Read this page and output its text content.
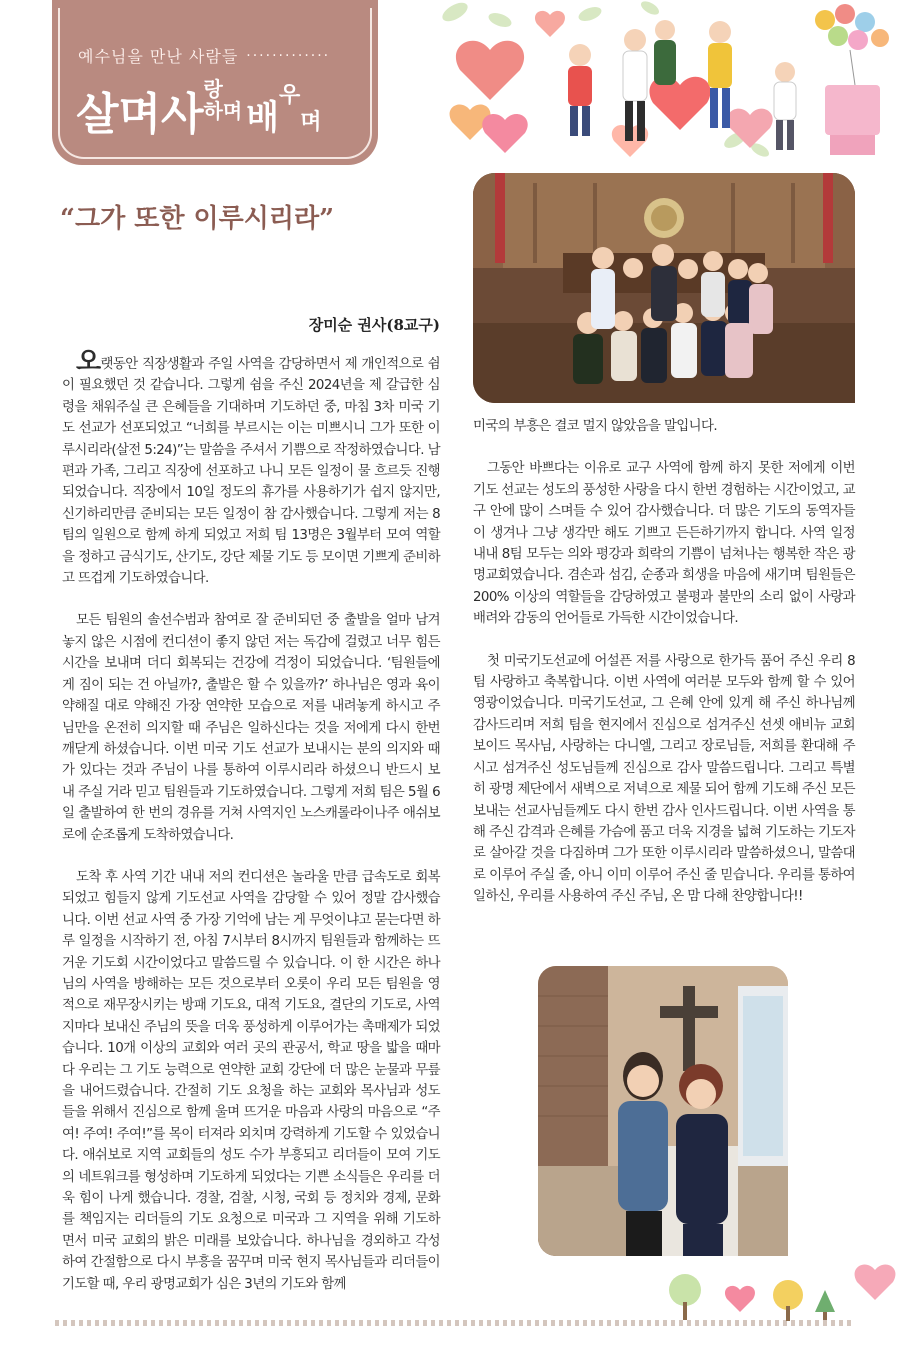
예수님을 만난 사람들 ·············
살며사 랑
하며 배우며
“그가 또한 이루시리라”
장미순 권사(8교구)

오랫동안 직장생활과 주일 사역을 감당하면서 제 개인적으로 쉼이 필요했던 것 같습니다. 그렇게 쉼을 주신 2024년을 제 갈급한 심령을 채워주실 큰 은혜들을 기대하며 기도하던 중, 마침 3차 미국 기도 선교가 선포되었고 “너희를 부르시는 이는 미쁘시니 그가 또한 이루시리라(살전 5:24)”는 말씀을 주셔서 기쁨으로 작정하였습니다. 남편과 가족, 그리고 직장에 선포하고 나니 모든 일정이 물 흐르듯 진행되었습니다. 직장에서 10일 정도의 휴가를 사용하기가 쉽지 않지만, 신기하리만큼 준비되는 모든 일정이 참 감사했습니다. 그렇게 저는 8팀의 일원으로 함께 하게 되었고 저희 팀 13명은 3월부터 모여 역할을 정하고 금식기도, 산기도, 강단 제물 기도 등 모이면 기쁘게 준비하고 뜨겁게 기도하였습니다.

모든 팀원의 솔선수범과 참여로 잘 준비되던 중 출발을 얼마 남겨놓지 않은 시점에 컨디션이 좋지 않던 저는 독감에 걸렸고 너무 힘든 시간을 보내며 더디 회복되는 건강에 걱정이 되었습니다. ‘팀원들에게 짐이 되는 건 아닐까?, 출발은 할 수 있을까?’ 하나님은 영과 육이 약해질 대로 약해진 가장 연약한 모습으로 저를 내려놓게 하시고 주님만을 온전히 의지할 때 주님은 일하신다는 것을 저에게 다시 한번 깨닫게 하셨습니다. 이번 미국 기도 선교가 보내시는 분의 의지와 때가 있다는 것과 주님이 나를 통하여 이루시리라 하셨으니 반드시 보내 주실 거라 믿고 팀원들과 기도하였습니다. 그렇게 저희 팀은 5월 6일 출발하여 한 번의 경유를 거쳐 사역지인 노스캐롤라이나주 애쉬보로에 순조롭게 도착하였습니다.

도착 후 사역 기간 내내 저의 컨디션은 놀라울 만큼 급속도로 회복되었고 힘들지 않게 기도선교 사역을 감당할 수 있어 정말 감사했습니다. 이번 선교 사역 중 가장 기억에 남는 게 무엇이냐고 묻는다면 하루 일정을 시작하기 전, 아침 7시부터 8시까지 팀원들과 함께하는 뜨거운 기도회 시간이었다고 말씀드릴 수 있습니다. 이 한 시간은 하나님의 사역을 방해하는 모든 것으로부터 오롯이 우리 모든 팀원을 영적으로 재무장시키는 방패 기도요, 대적 기도요, 결단의 기도로, 사역지마다 보내신 주님의 뜻을 더욱 풍성하게 이루어가는 촉매제가 되었습니다. 10개 이상의 교회와 여러 곳의 관공서, 학교 땅을 밟을 때마다 우리는 그 기도 능력으로 연약한 교회 강단에 더 많은 눈물과 무릎을 내어드렸습니다. 간절히 기도 요청을 하는 교회와 목사님과 성도들을 위해서 진심으로 함께 울며 뜨거운 마음과 사랑의 마음으로 “주여! 주여! 주여!”를 목이 터져라 외치며 강력하게 기도할 수 있었습니다. 애쉬보로 지역 교회들의 성도 수가 부흥되고 리더들이 모여 기도의 네트워크를 형성하며 기도하게 되었다는 기쁜 소식들은 우리를 더욱 힘이 나게 했습니다. 경찰, 검찰, 시청, 국회 등 정치와 경제, 문화를 책임지는 리더들의 기도 요청으로 미국과 그 지역을 위해 기도하면서 미국 교회의 밝은 미래를 보았습니다. 하나님을 경외하고 각성하여 간절함으로 다시 부흥을 꿈꾸며 미국 현지 목사님들과 리더들이 기도할 때, 우리 광명교회가 심은 3년의 기도와 함께

미국의 부흥은 결코 멀지 않았음을 말입니다.

그동안 바쁘다는 이유로 교구 사역에 함께 하지 못한 저에게 이번 기도 선교는 성도의 풍성한 사랑을 다시 한번 경험하는 시간이었고, 교구 안에 많이 스며들 수 있어 감사했습니다. 더 많은 기도의 동역자들이 생겨나 그냥 생각만 해도 기쁘고 든든하기까지 합니다. 사역 일정 내내 8팀 모두는 의와 평강과 희락의 기쁨이 넘쳐나는 행복한 작은 광명교회였습니다. 겸손과 섬김, 순종과 희생을 마음에 새기며 팀원들은 200% 이상의 역할들을 감당하였고 불평과 불만의 소리 없이 사랑과 배려와 감동의 언어들로 가득한 시간이었습니다.

첫 미국기도선교에 어설픈 저를 사랑으로 한가득 품어 주신 우리 8팀 사랑하고 축복합니다. 이번 사역에 여러분 모두와 함께 할 수 있어 영광이었습니다. 미국기도선교, 그 은혜 안에 있게 해 주신 하나님께 감사드리며 저희 팀을 현지에서 진심으로 섬겨주신 선셋 애비뉴 교회 보이드 목사님, 사랑하는 다니엘, 그리고 장로님들, 저희를 환대해 주시고 섬겨주신 성도님들께 진심으로 감사 말씀드립니다. 그리고 특별히 광명 제단에서 새벽으로 저녁으로 제물 되어 함께 기도해 주신 모든 보내는 선교사님들께도 다시 한번 감사 인사드립니다. 이번 사역을 통해 주신 감격과 은혜를 가슴에 품고 더욱 지경을 넓혀 기도하는 기도자로 살아갈 것을 다짐하며 그가 또한 이루시리라 말씀하셨으니, 말씀대로 이루어 주실 줄, 아니 이미 이루어 주신 줄 믿습니다. 우리를 통하여 일하신, 우리를 사용하여 주신 주님, 온 맘 다해 찬양합니다!!
